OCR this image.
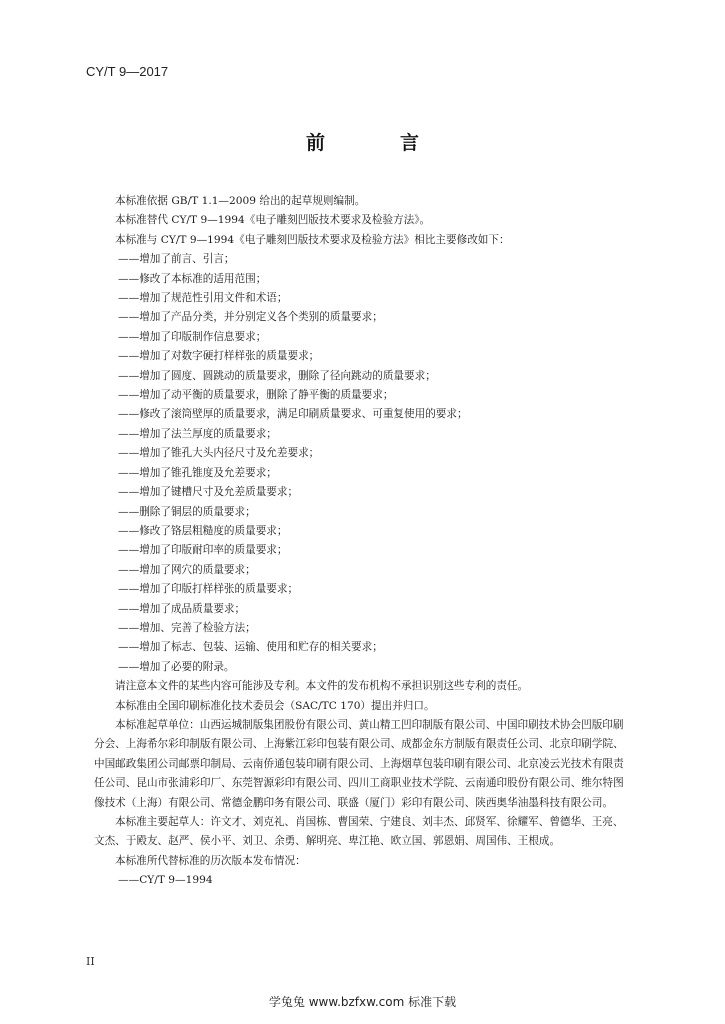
CY/T 9—2017
前　言

本标准依据 GB/T 1.1—2009 给出的起草规则编制。

本标准替代 CY/T 9—1994《电子雕刻凹版技术要求及检验方法》。

本标准与 CY/T 9—1994《电子雕刻凹版技术要求及检验方法》相比主要修改如下：

——增加了前言、引言；

——修改了本标准的适用范围；

——增加了规范性引用文件和术语；

——增加了产品分类，并分别定义各个类别的质量要求；

——增加了印版制作信息要求；

——增加了对数字硬打样样张的质量要求；

——增加了圆度、圆跳动的质量要求，删除了径向跳动的质量要求；

——增加了动平衡的质量要求，删除了静平衡的质量要求；

——修改了滚筒壁厚的质量要求，满足印刷质量要求、可重复使用的要求；

——增加了法兰厚度的质量要求；

——增加了锥孔大头内径尺寸及允差要求；

——增加了锥孔锥度及允差要求；

——增加了键槽尺寸及允差质量要求；

——删除了铜层的质量要求；

——修改了铬层粗糙度的质量要求；

——增加了印版耐印率的质量要求；

——增加了网穴的质量要求；

——增加了印版打样样张的质量要求；

——增加了成品质量要求；

——增加、完善了检验方法；

——增加了标志、包装、运输、使用和贮存的相关要求；

——增加了必要的附录。

请注意本文件的某些内容可能涉及专利。本文件的发布机构不承担识别这些专利的责任。

本标准由全国印刷标准化技术委员会（SAC/TC 170）提出并归口。

本标准起草单位：山西运城制版集团股份有限公司、黄山精工凹印制版有限公司、中国印刷技术协会凹版印刷分会、上海希尔彩印制版有限公司、上海紫江彩印包装有限公司、成都金东方制版有限责任公司、北京印刷学院、中国邮政集团公司邮票印制局、云南侨通包装印刷有限公司、上海烟草包装印刷有限公司、北京凌云光技术有限责任公司、昆山市张浦彩印厂、东莞智源彩印有限公司、四川工商职业技术学院、云南通印股份有限公司、维尔特图像技术（上海）有限公司、常德金鹏印务有限公司、联盛（厦门）彩印有限公司、陕西奥华油墨科技有限公司。

本标准主要起草人：许文才、刘克礼、肖国栋、曹国荣、宁建良、刘丰杰、邱贤军、徐耀军、曾德华、王亮、文杰、于殿友、赵严、侯小平、刘卫、余勇、解明亮、卑江艳、欧立国、郭恩娟、周国伟、王根成。

本标准所代替标准的历次版本发布情况：

——CY/T 9—1994

II
学兔兔 www.bzfxw.com 标准下载
